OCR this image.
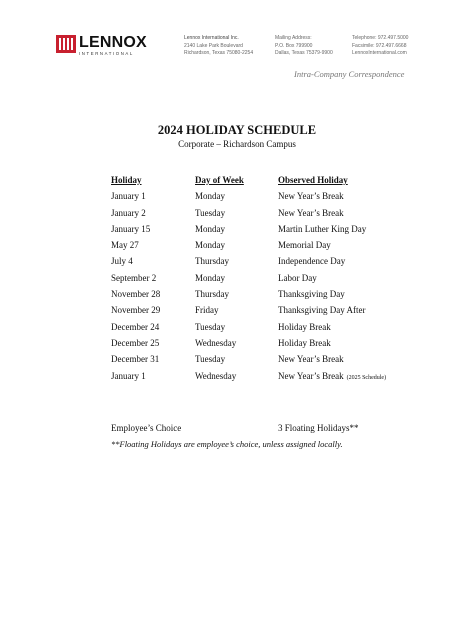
LENNOX
INTERNATIONAL
Lennox International Inc.
2140 Lake Park Boulevard
Richardson, Texas 75080-2254
Mailing Address:
P.O. Box 799900
Dallas, Texas 75379-9900
Telephone: 972.497.5000
Facsimile: 972.497.6668
LennoxInternational.com
Intra-Company Correspondence
2024 HOLIDAY SCHEDULE
Corporate – Richardson Campus
Holiday	Day of Week	Observed Holiday
January 1	Monday	New Year’s Break
January 2	Tuesday	New Year’s Break
January 15	Monday	Martin Luther King Day
May 27	Monday	Memorial Day
July 4	Thursday	Independence Day
September 2	Monday	Labor Day
November 28	Thursday	Thanksgiving Day
November 29	Friday	Thanksgiving Day After
December 24	Tuesday	Holiday Break
December 25	Wednesday	Holiday Break
December 31	Tuesday	New Year’s Break
January 1	Wednesday	New Year’s Break (2025 Schedule)
Employee’s Choice	3 Floating Holidays**
**Floating Holidays are employee’s choice, unless assigned locally.
